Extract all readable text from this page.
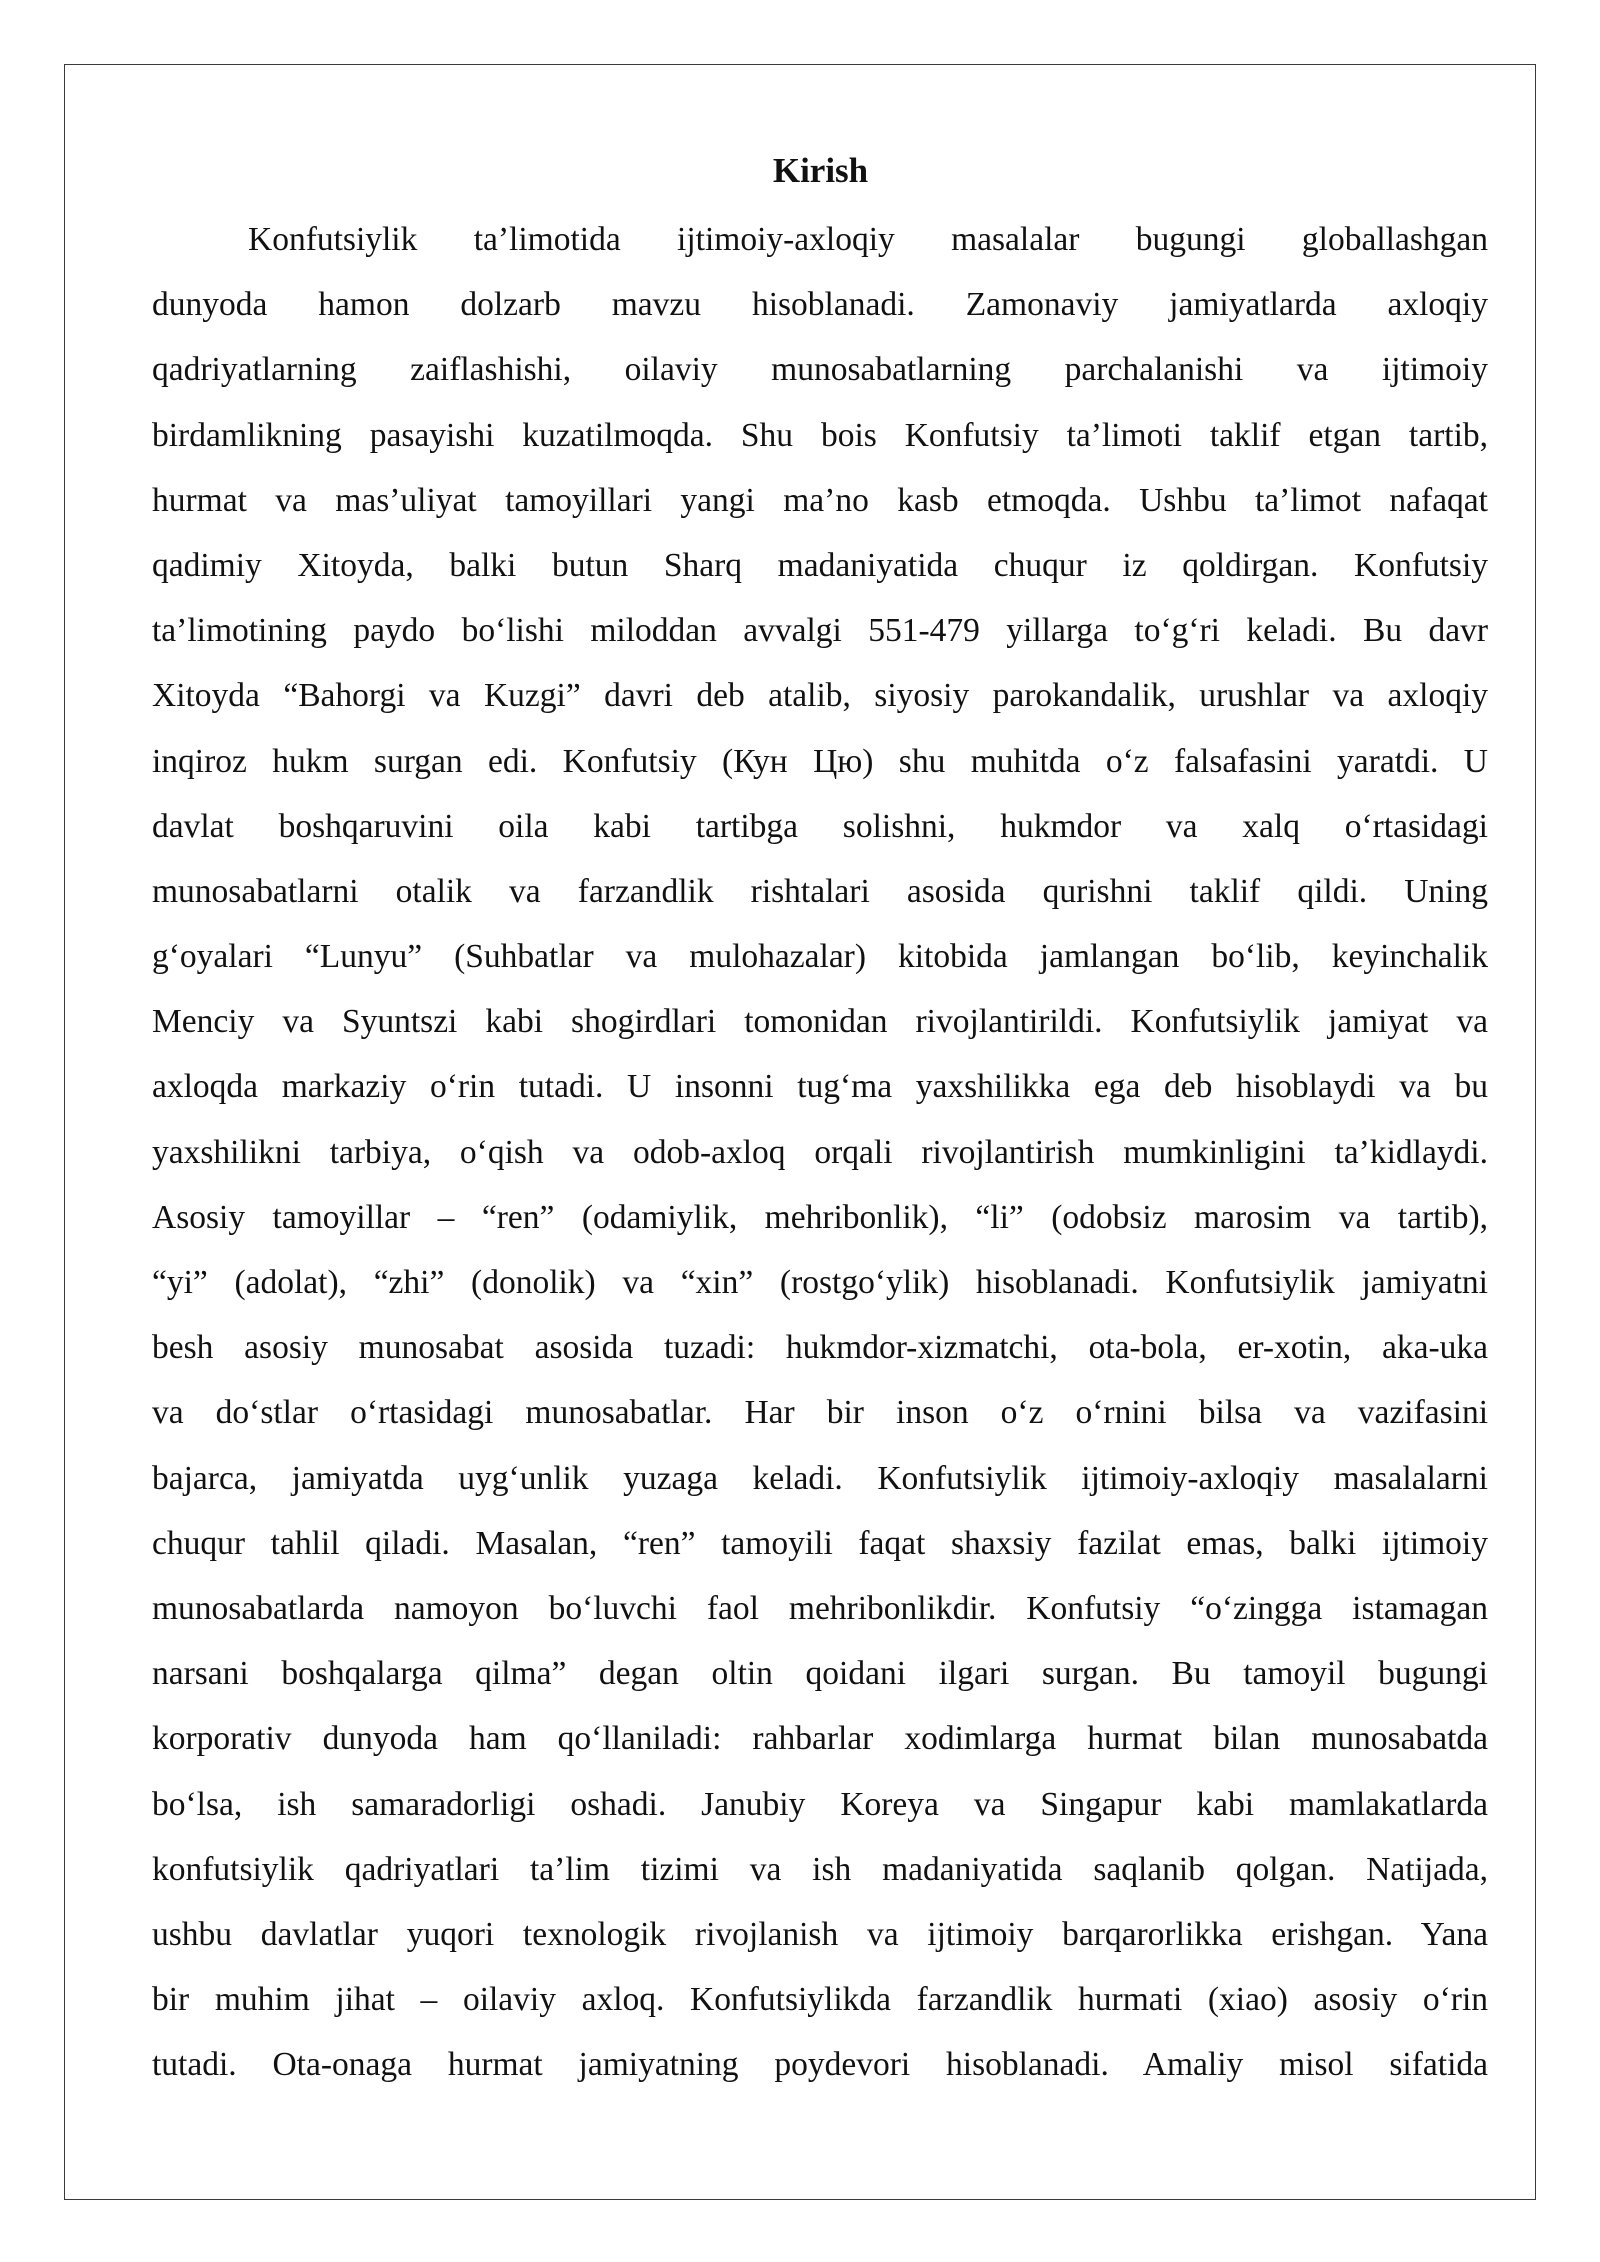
Kirish
Konfutsiylik ta’limotida ijtimoiy-axloqiy masalalar bugungi globallashgan
dunyoda hamon dolzarb mavzu hisoblanadi. Zamonaviy jamiyatlarda axloqiy
qadriyatlarning zaiflashishi, oilaviy munosabatlarning parchalanishi va ijtimoiy
birdamlikning pasayishi kuzatilmoqda. Shu bois Konfutsiy ta’limoti taklif etgan tartib,
hurmat va mas’uliyat tamoyillari yangi ma’no kasb etmoqda. Ushbu ta’limot nafaqat
qadimiy Xitoyda, balki butun Sharq madaniyatida chuqur iz qoldirgan. Konfutsiy
ta’limotining paydo bo‘lishi miloddan avvalgi 551-479 yillarga to‘g‘ri keladi. Bu davr
Xitoyda “Bahorgi va Kuzgi” davri deb atalib, siyosiy parokandalik, urushlar va axloqiy
inqiroz hukm surgan edi. Konfutsiy (Кун Цю) shu muhitda o‘z falsafasini yaratdi. U
davlat boshqaruvini oila kabi tartibga solishni, hukmdor va xalq o‘rtasidagi
munosabatlarni otalik va farzandlik rishtalari asosida qurishni taklif qildi. Uning
g‘oyalari “Lunyu” (Suhbatlar va mulohazalar) kitobida jamlangan bo‘lib, keyinchalik
Menciy va Syuntszi kabi shogirdlari tomonidan rivojlantirildi. Konfutsiylik jamiyat va
axloqda markaziy o‘rin tutadi. U insonni tug‘ma yaxshilikka ega deb hisoblaydi va bu
yaxshilikni tarbiya, o‘qish va odob-axloq orqali rivojlantirish mumkinligini ta’kidlaydi.
Asosiy tamoyillar – “ren” (odamiylik, mehribonlik), “li” (odobsiz marosim va tartib),
“yi” (adolat), “zhi” (donolik) va “xin” (rostgo‘ylik) hisoblanadi. Konfutsiylik jamiyatni
besh asosiy munosabat asosida tuzadi: hukmdor-xizmatchi, ota-bola, er-xotin, aka-uka
va do‘stlar o‘rtasidagi munosabatlar. Har bir inson o‘z o‘rnini bilsa va vazifasini
bajarca, jamiyatda uyg‘unlik yuzaga keladi. Konfutsiylik ijtimoiy-axloqiy masalalarni
chuqur tahlil qiladi. Masalan, “ren” tamoyili faqat shaxsiy fazilat emas, balki ijtimoiy
munosabatlarda namoyon bo‘luvchi faol mehribonlikdir. Konfutsiy “o‘zingga istamagan
narsani boshqalarga qilma” degan oltin qoidani ilgari surgan. Bu tamoyil bugungi
korporativ dunyoda ham qo‘llaniladi: rahbarlar xodimlarga hurmat bilan munosabatda
bo‘lsa, ish samaradorligi oshadi. Janubiy Koreya va Singapur kabi mamlakatlarda
konfutsiylik qadriyatlari ta’lim tizimi va ish madaniyatida saqlanib qolgan. Natijada,
ushbu davlatlar yuqori texnologik rivojlanish va ijtimoiy barqarorlikka erishgan. Yana
bir muhim jihat – oilaviy axloq. Konfutsiylikda farzandlik hurmati (xiao) asosiy o‘rin
tutadi. Ota-onaga hurmat jamiyatning poydevori hisoblanadi. Amaliy misol sifatida
